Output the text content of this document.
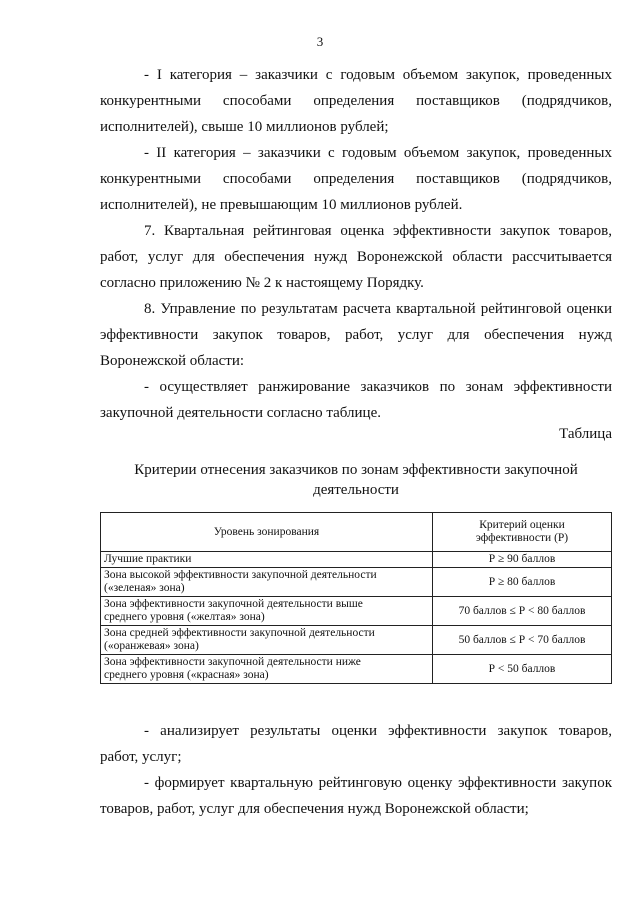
3
- I категория – заказчики с годовым объемом закупок, проведенных
конкурентными способами определения поставщиков (подрядчиков,
исполнителей), свыше 10 миллионов рублей;
- II категория – заказчики с годовым объемом закупок, проведенных
конкурентными способами определения поставщиков (подрядчиков,
исполнителей), не превышающим 10 миллионов рублей.
7. Квартальная рейтинговая оценка эффективности закупок товаров,
работ, услуг для обеспечения нужд Воронежской области рассчитывается
согласно приложению № 2 к настоящему Порядку.
8. Управление по результатам расчета квартальной рейтинговой оценки
эффективности закупок товаров, работ, услуг для обеспечения нужд
Воронежской области:
- осуществляет ранжирование заказчиков по зонам эффективности
закупочной деятельности согласно таблице.
Таблица
Критерии отнесения заказчиков по зонам эффективности закупочной
деятельности
Уровень зонирования	Критерий оценки
эффективности (Р)

Лучшие практики	Р ≥ 90 баллов

Зона высокой эффективности закупочной деятельности
(«зеленая» зона)	Р ≥ 80 баллов

Зона эффективности закупочной деятельности выше
среднего уровня («желтая» зона)	70 баллов ≤ Р < 80 баллов

Зона средней эффективности закупочной деятельности
(«оранжевая» зона)	50 баллов ≤ Р < 70 баллов

Зона эффективности закупочной деятельности ниже
среднего уровня («красная» зона)	Р < 50 баллов
- анализирует результаты оценки эффективности закупок товаров,
работ, услуг;
- формирует квартальную рейтинговую оценку эффективности закупок
товаров, работ, услуг для обеспечения нужд Воронежской области;
